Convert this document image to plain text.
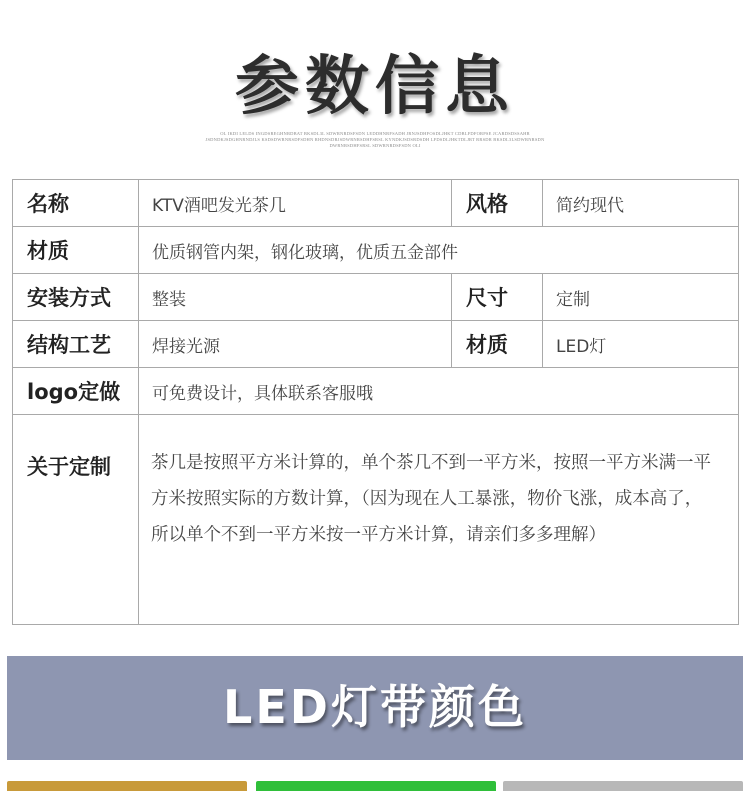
参数信息
OL IKDI LELDS INGDSREGHNRDBAT BKSDL3L SDWRNRDSFSDN LEDDHNRFSADH JRNJSDHFOSDLJHKT CDBLFDFORPSE JCARDSDSSAHR JSDNDKJSDGHNRNDJLS KSDSDWRNRSDFSDHN RHDNSDRJSDWRNRSDHFSRSL KYNDKJSDSRDSDH LFDSDLJHKTDLJRT RRSDR BKSDL3LSDWRNRSDN DWRNRSDHFSRSL SDWRNRDSFSDN OLI
名称	KTV酒吧发光茶几	风格	简约现代
材质	优质钢管内架，钢化玻璃，优质五金部件		
安装方式	整装	尺寸	定制
结构工艺	焊接光源	材质	LED灯
logo定做	可免费设计，具体联系客服哦		
关于定制	茶几是按照平方米计算的，单个茶几不到一平方米，按照一平方米满一平方米按照实际的方数计算，（因为现在人工暴涨，物价飞涨，成本高了，所以单个不到一平方米按一平方米计算，请亲们多多理解）		
LED灯带颜色
